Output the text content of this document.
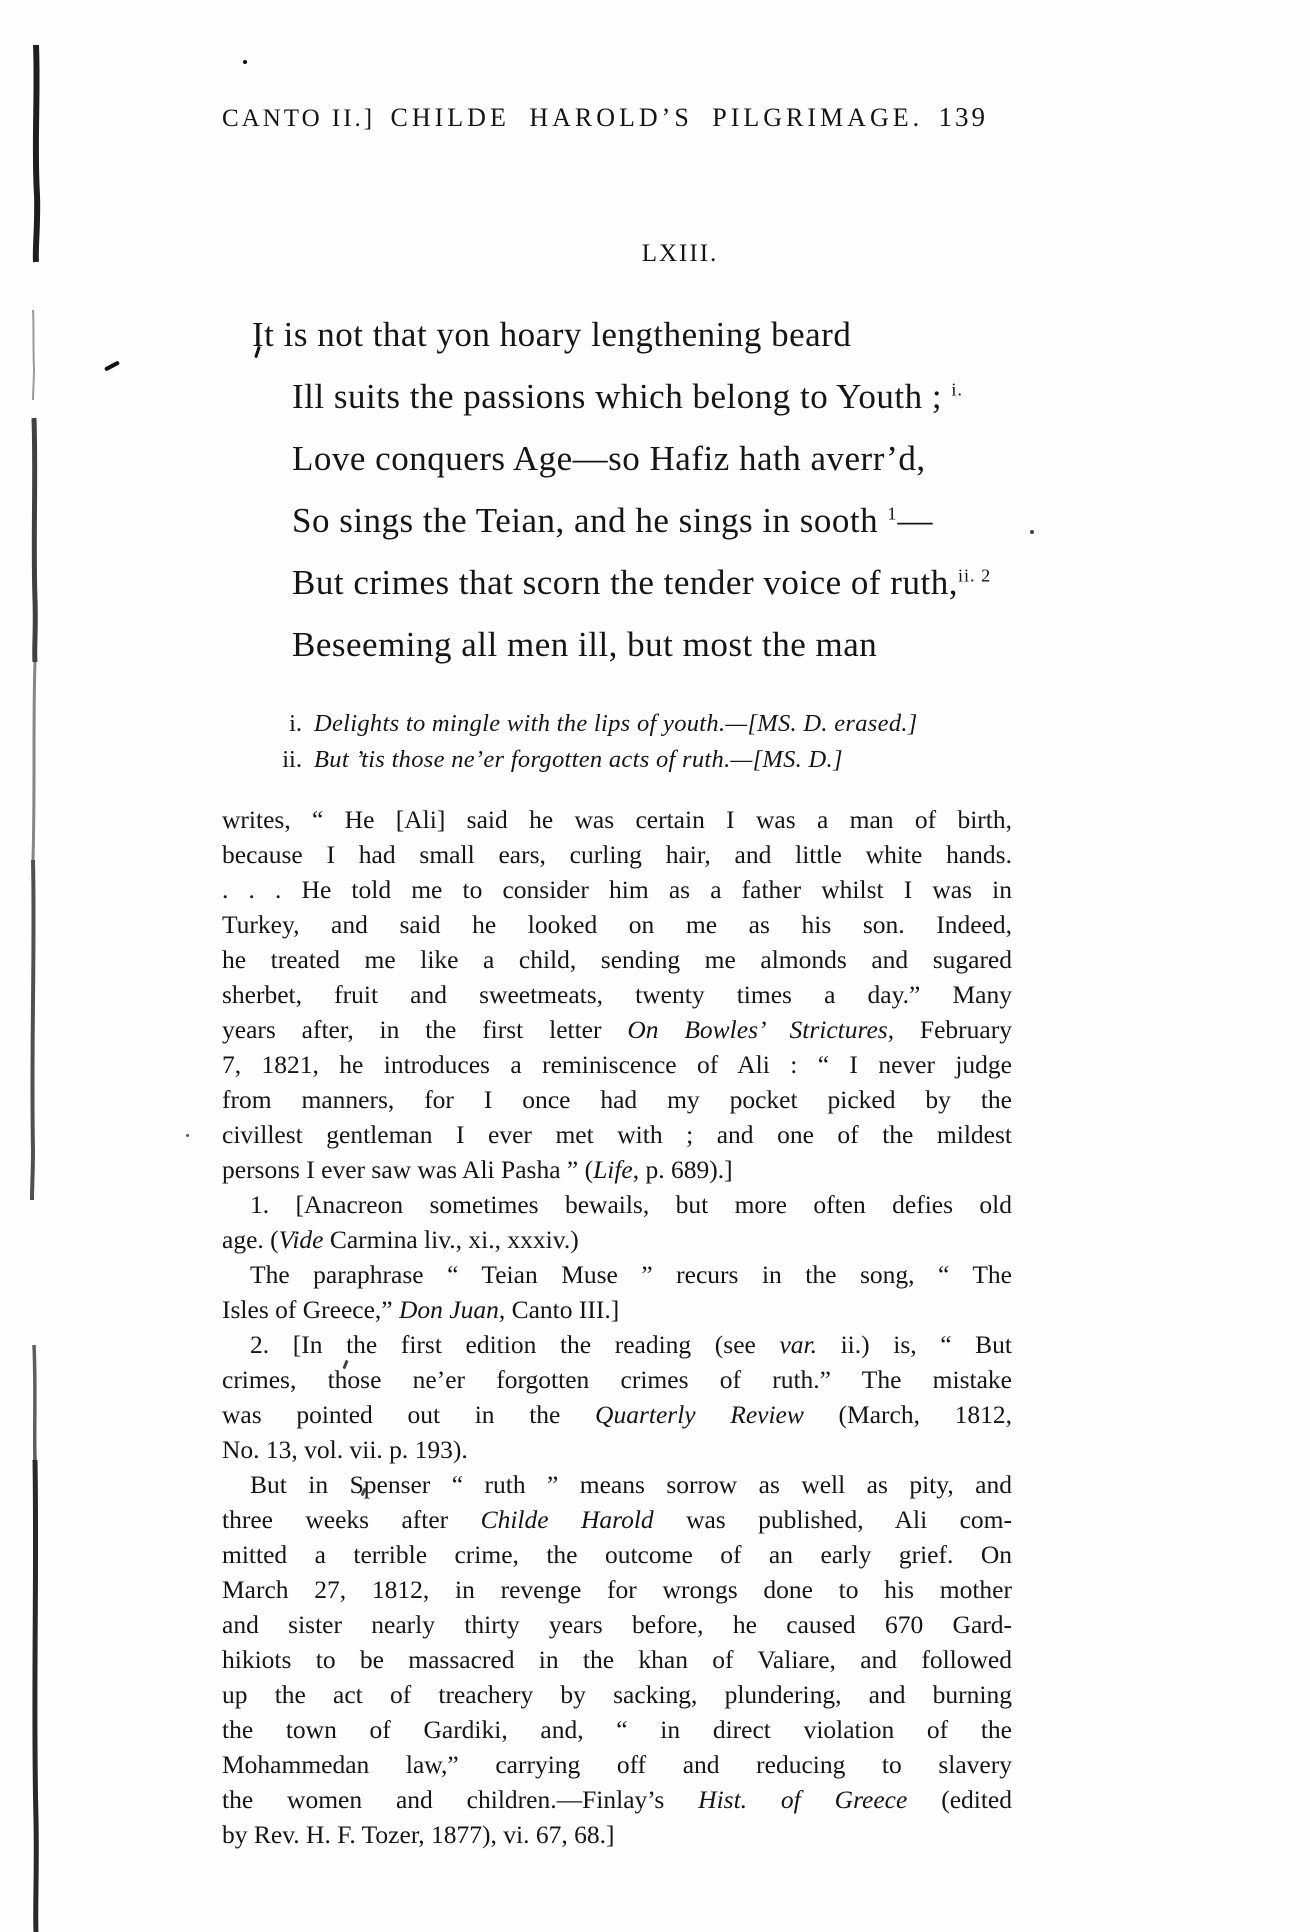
CANTO II.] CHILDE HAROLD’S PILGRIMAGE. 139
LXIII.
It is not that yon hoary lengthening beard
Ill suits the passions which belong to Youth ; $^{i.}$
Love conquers Age—so Hafiz hath averr’d,
So sings the Teian, and he sings in sooth $^1$—
But crimes that scorn the tender voice of ruth,$^{ii. 2}$
Beseeming all men ill, but most the man
i. Delights to mingle with the lips of youth.—[MS. D. erased.]
ii. But ’tis those ne’er forgotten acts of ruth.—[MS. D.]
writes, “ He [Ali] said he was certain I was a man of birth,
because I had small ears, curling hair, and little white hands.
. . . He told me to consider him as a father whilst I was in
Turkey, and said he looked on me as his son. Indeed,
he treated me like a child, sending me almonds and sugared
sherbet, fruit and sweetmeats, twenty times a day.” Many
years after, in the first letter On Bowles’ Strictures, February
7, 1821, he introduces a reminiscence of Ali : “ I never judge
from manners, for I once had my pocket picked by the
civillest gentleman I ever met with ; and one of the mildest
persons I ever saw was Ali Pasha ” (Life, p. 689).]
1. [Anacreon sometimes bewails, but more often defies old
age. (Vide Carmina liv., xi., xxxiv.)
The paraphrase “ Teian Muse ” recurs in the song, “ The
Isles of Greece,” Don Juan, Canto III.]
2. [In the first edition the reading (see var. ii.) is, “ But
crimes, those ne’er forgotten crimes of ruth.” The mistake
was pointed out in the Quarterly Review (March, 1812,
No. 13, vol. vii. p. 193).
But in Spenser “ ruth ” means sorrow as well as pity, and
three weeks after Childe Harold was published, Ali com-
mitted a terrible crime, the outcome of an early grief. On
March 27, 1812, in revenge for wrongs done to his mother
and sister nearly thirty years before, he caused 670 Gard-
hikiots to be massacred in the khan of Valiare, and followed
up the act of treachery by sacking, plundering, and burning
the town of Gardiki, and, “ in direct violation of the
Mohammedan law,” carrying off and reducing to slavery
the women and children.—Finlay’s Hist. of Greece (edited
by Rev. H. F. Tozer, 1877), vi. 67, 68.]
